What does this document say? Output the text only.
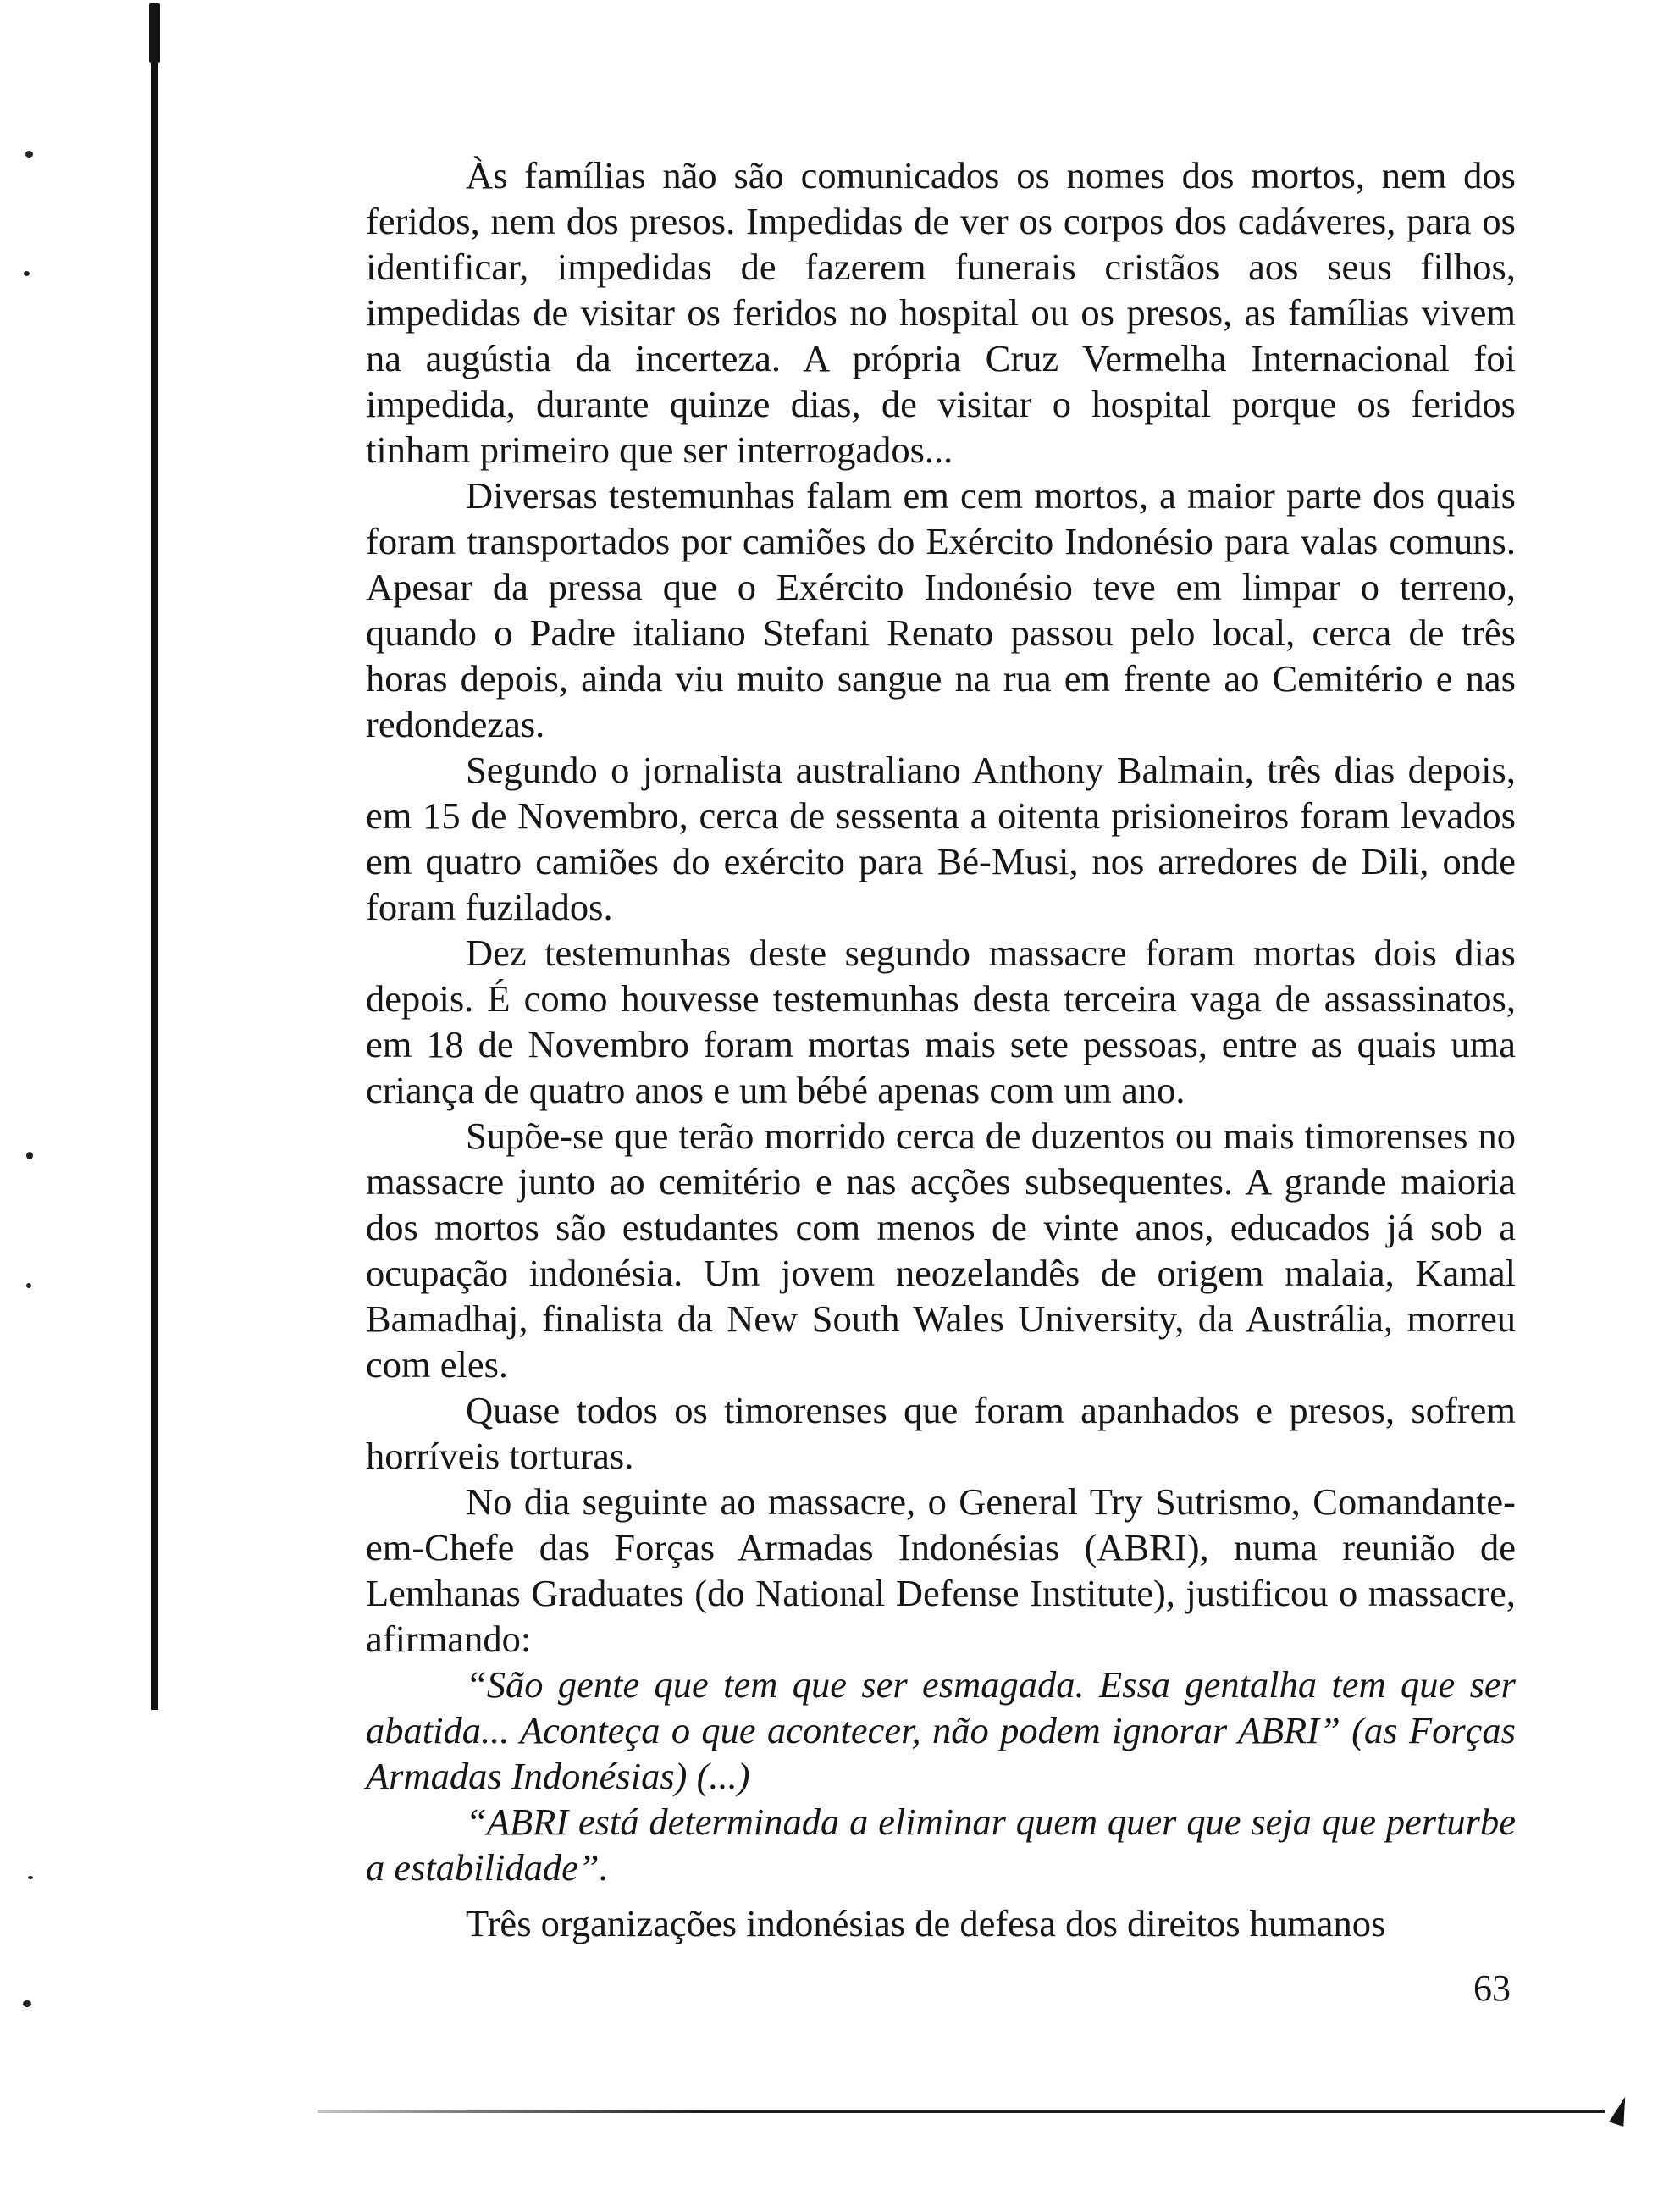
Às famílias não são comunicados os nomes dos mortos, nem dos feridos, nem dos presos. Impedidas de ver os corpos dos cadáveres, para os identificar, impedidas de fazerem funerais cristãos aos seus filhos, impedidas de visitar os feridos no hospital ou os presos, as famílias vivem na augústia da incerteza. A própria Cruz Vermelha Internacional foi impedida, durante quinze dias, de visitar o hospital porque os feridos tinham primeiro que ser interrogados...

Diversas testemunhas falam em cem mortos, a maior parte dos quais foram transportados por camiões do Exército Indonésio para valas comuns. Apesar da pressa que o Exército Indonésio teve em limpar o terreno, quando o Padre italiano Stefani Renato passou pelo local, cerca de três horas depois, ainda viu muito sangue na rua em frente ao Cemitério e nas redondezas.

Segundo o jornalista australiano Anthony Balmain, três dias depois, em 15 de Novembro, cerca de sessenta a oitenta prisioneiros foram levados em quatro camiões do exército para Bé-Musi, nos arredores de Dili, onde foram fuzilados.

Dez testemunhas deste segundo massacre foram mortas dois dias depois. É como houvesse testemunhas desta terceira vaga de assassinatos, em 18 de Novembro foram mortas mais sete pessoas, entre as quais uma criança de quatro anos e um bébé apenas com um ano.

Supõe-se que terão morrido cerca de duzentos ou mais timorenses no massacre junto ao cemitério e nas acções subsequentes. A grande maioria dos mortos são estudantes com menos de vinte anos, educados já sob a ocupação indonésia. Um jovem neozelandês de origem malaia, Kamal Bamadhaj, finalista da New South Wales University, da Austrália, morreu com eles.

Quase todos os timorenses que foram apanhados e presos, sofrem horríveis torturas.

No dia seguinte ao massacre, o General Try Sutrismo, Comandante-em-Chefe das Forças Armadas Indonésias (ABRI), numa reunião de Lemhanas Graduates (do National Defense Institute), justificou o massacre, afirmando:

“São gente que tem que ser esmagada. Essa gentalha tem que ser abatida... Aconteça o que acontecer, não podem ignorar ABRI” (as Forças Armadas Indonésias) (...)

“ABRI está determinada a eliminar quem quer que seja que perturbe a estabilidade”.

Três organizações indonésias de defesa dos direitos humanos

63
